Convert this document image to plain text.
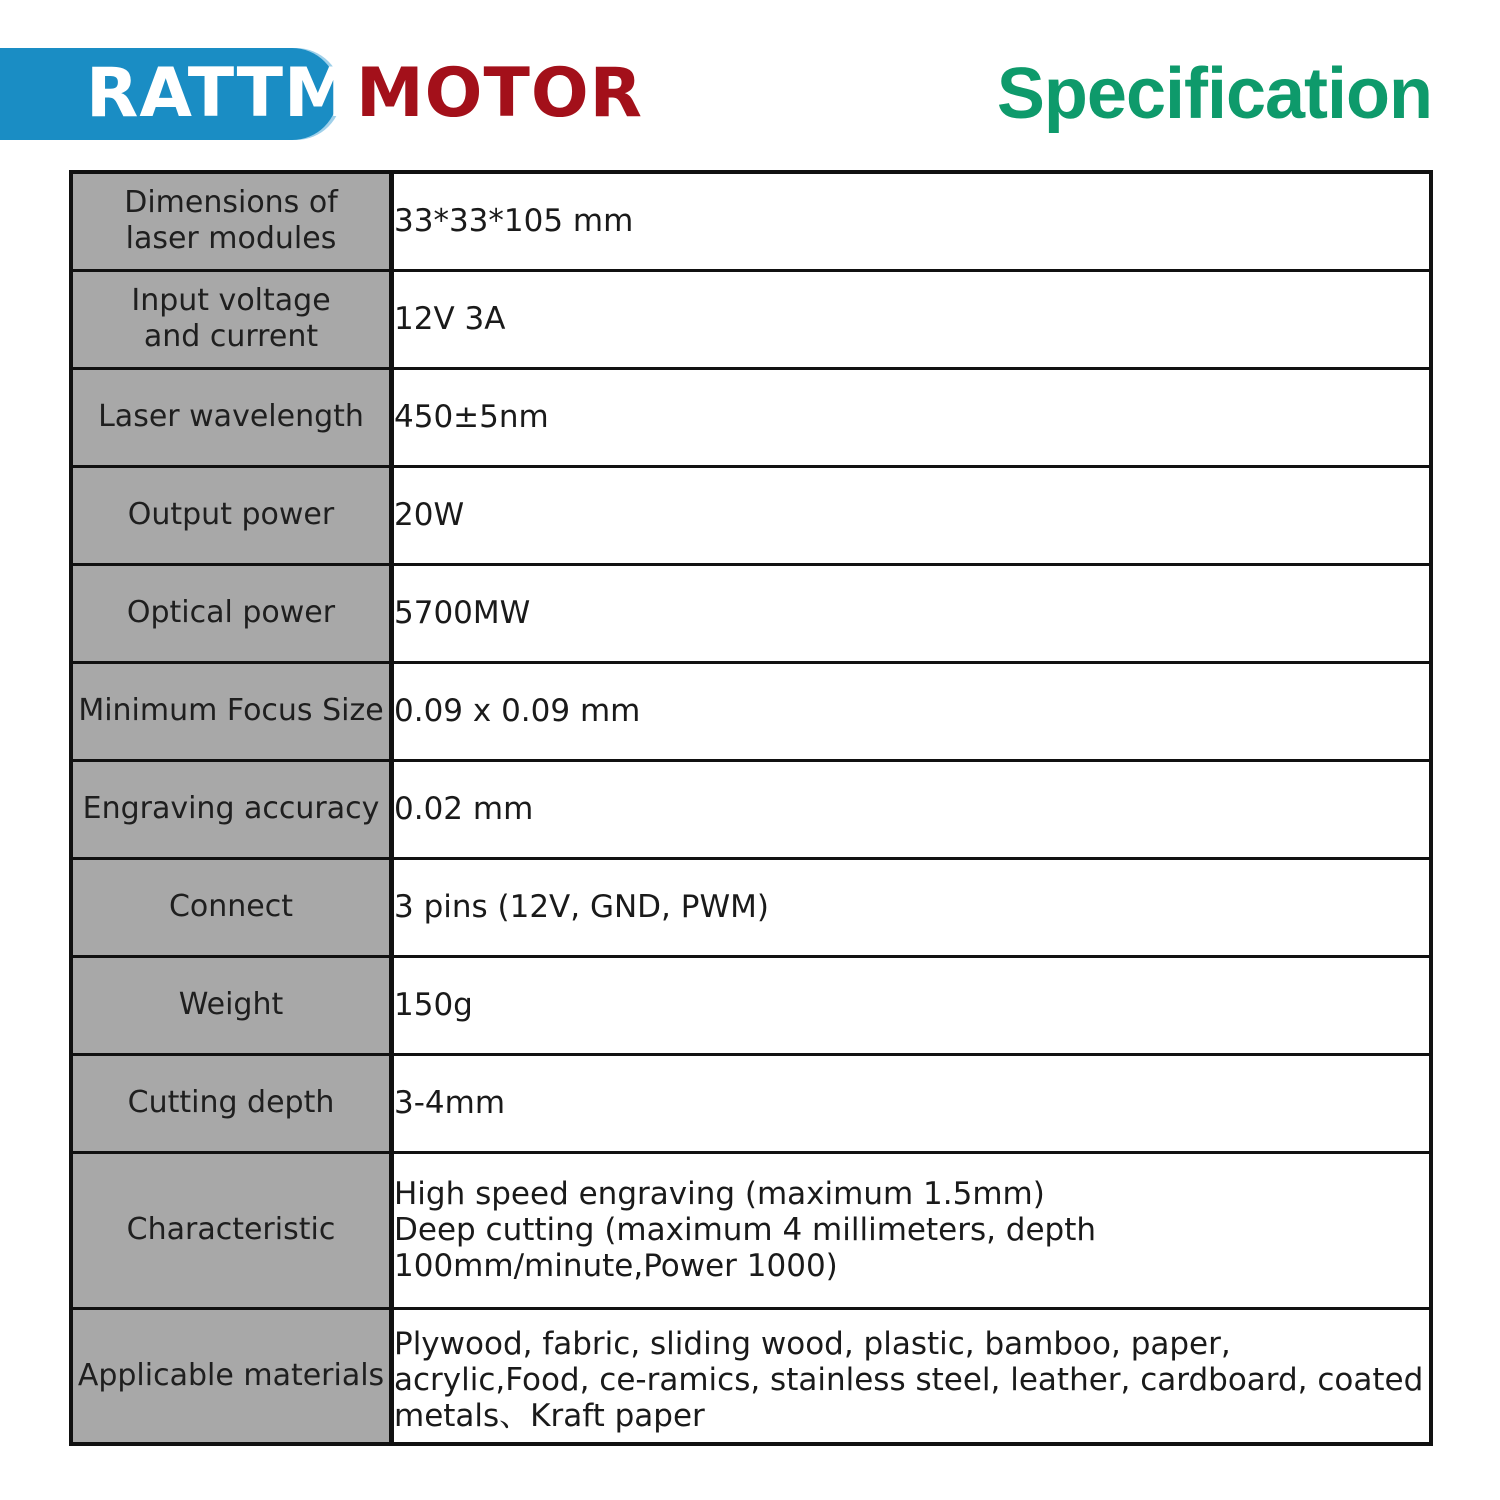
RATTM MOTOR	Specification
Dimensions of
laser modules	33*33*105 mm
Input voltage
and current	12V 3A
Laser wavelength	450±5nm
Output power	20W
Optical power	5700MW
Minimum Focus Size	0.09 x 0.09 mm
Engraving accuracy	0.02 mm
Connect	3 pins (12V, GND, PWM)
Weight	150g
Cutting depth	3-4mm
Characteristic	High speed engraving (maximum 1.5mm)
Deep cutting (maximum 4 millimeters, depth 100mm/minute,Power 1000)

Applicable materials	Plywood, fabric, sliding wood, plastic, bamboo, paper, acrylic,Food, ce-ramics, stainless steel, leather, cardboard, coated metals、Kraft paper
